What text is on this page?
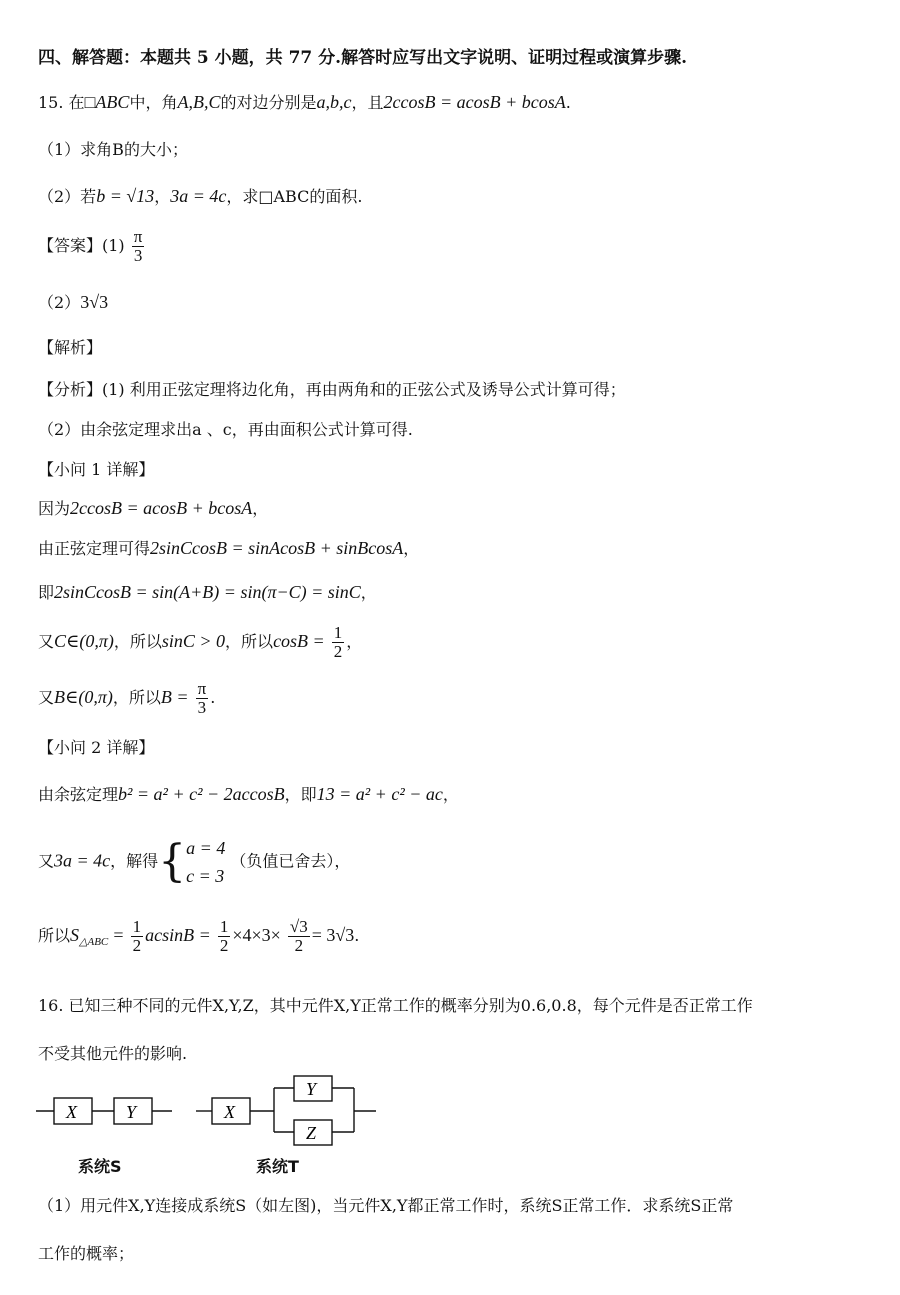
四、解答题：本题共 5 小题，共 77 分.解答时应写出文字说明、证明过程或演算步骤.
15. 在□ABC中，角A,B,C的对边分别是a,b,c，且2ccosB = acosB + bcosA.
（1）求角B的大小；
（2）若b = √13，3a = 4c，求□ABC的面积.
【答案】$(1) \frac{\pi}{3}$
（2）3√3
【解析】
【分析】(1) 利用正弦定理将边化角，再由两角和的正弦公式及诱导公式计算可得；
（2）由余弦定理求出a 、c，再由面积公式计算可得.
【小问 1 详解】
因为2ccosB = acosB + bcosA，
由正弦定理可得2sinCcosB = sinAcosB + sinBcosA，
即2sinCcosB = sin(A+B) = sin(π−C) = sinC，
又C∈(0,π)，所以sinC > 0，所以$\cos B = \frac{1}{2}$ ，
又B∈(0,π)，所以$B = \frac{\pi}{3}$ .
【小问 2 详解】
由余弦定理b² = a² + c² − 2accosB，即13 = a² + c² − ac，
又3a = 4c，解得{ a = 4
c = 3
（负值已舍去），
所以$S_{\triangle ABC} = \frac{1}{2}$ $acsinB = \frac{1}{2} \times 4\times 3\times \frac{√3}{2} = 3√3$.
16. 已知三种不同的元件X,Y,Z，其中元件X,Y正常工作的概率分别为0.6,0.8，每个元件是否正常工作
不受其他元件的影响.
X	Y	X
Y
Z
系统S	系统T
（1）用元件X,Y连接成系统S（如左图)，当元件X,Y都正常工作时，系统S正常工作．求系统S正常
工作的概率；
